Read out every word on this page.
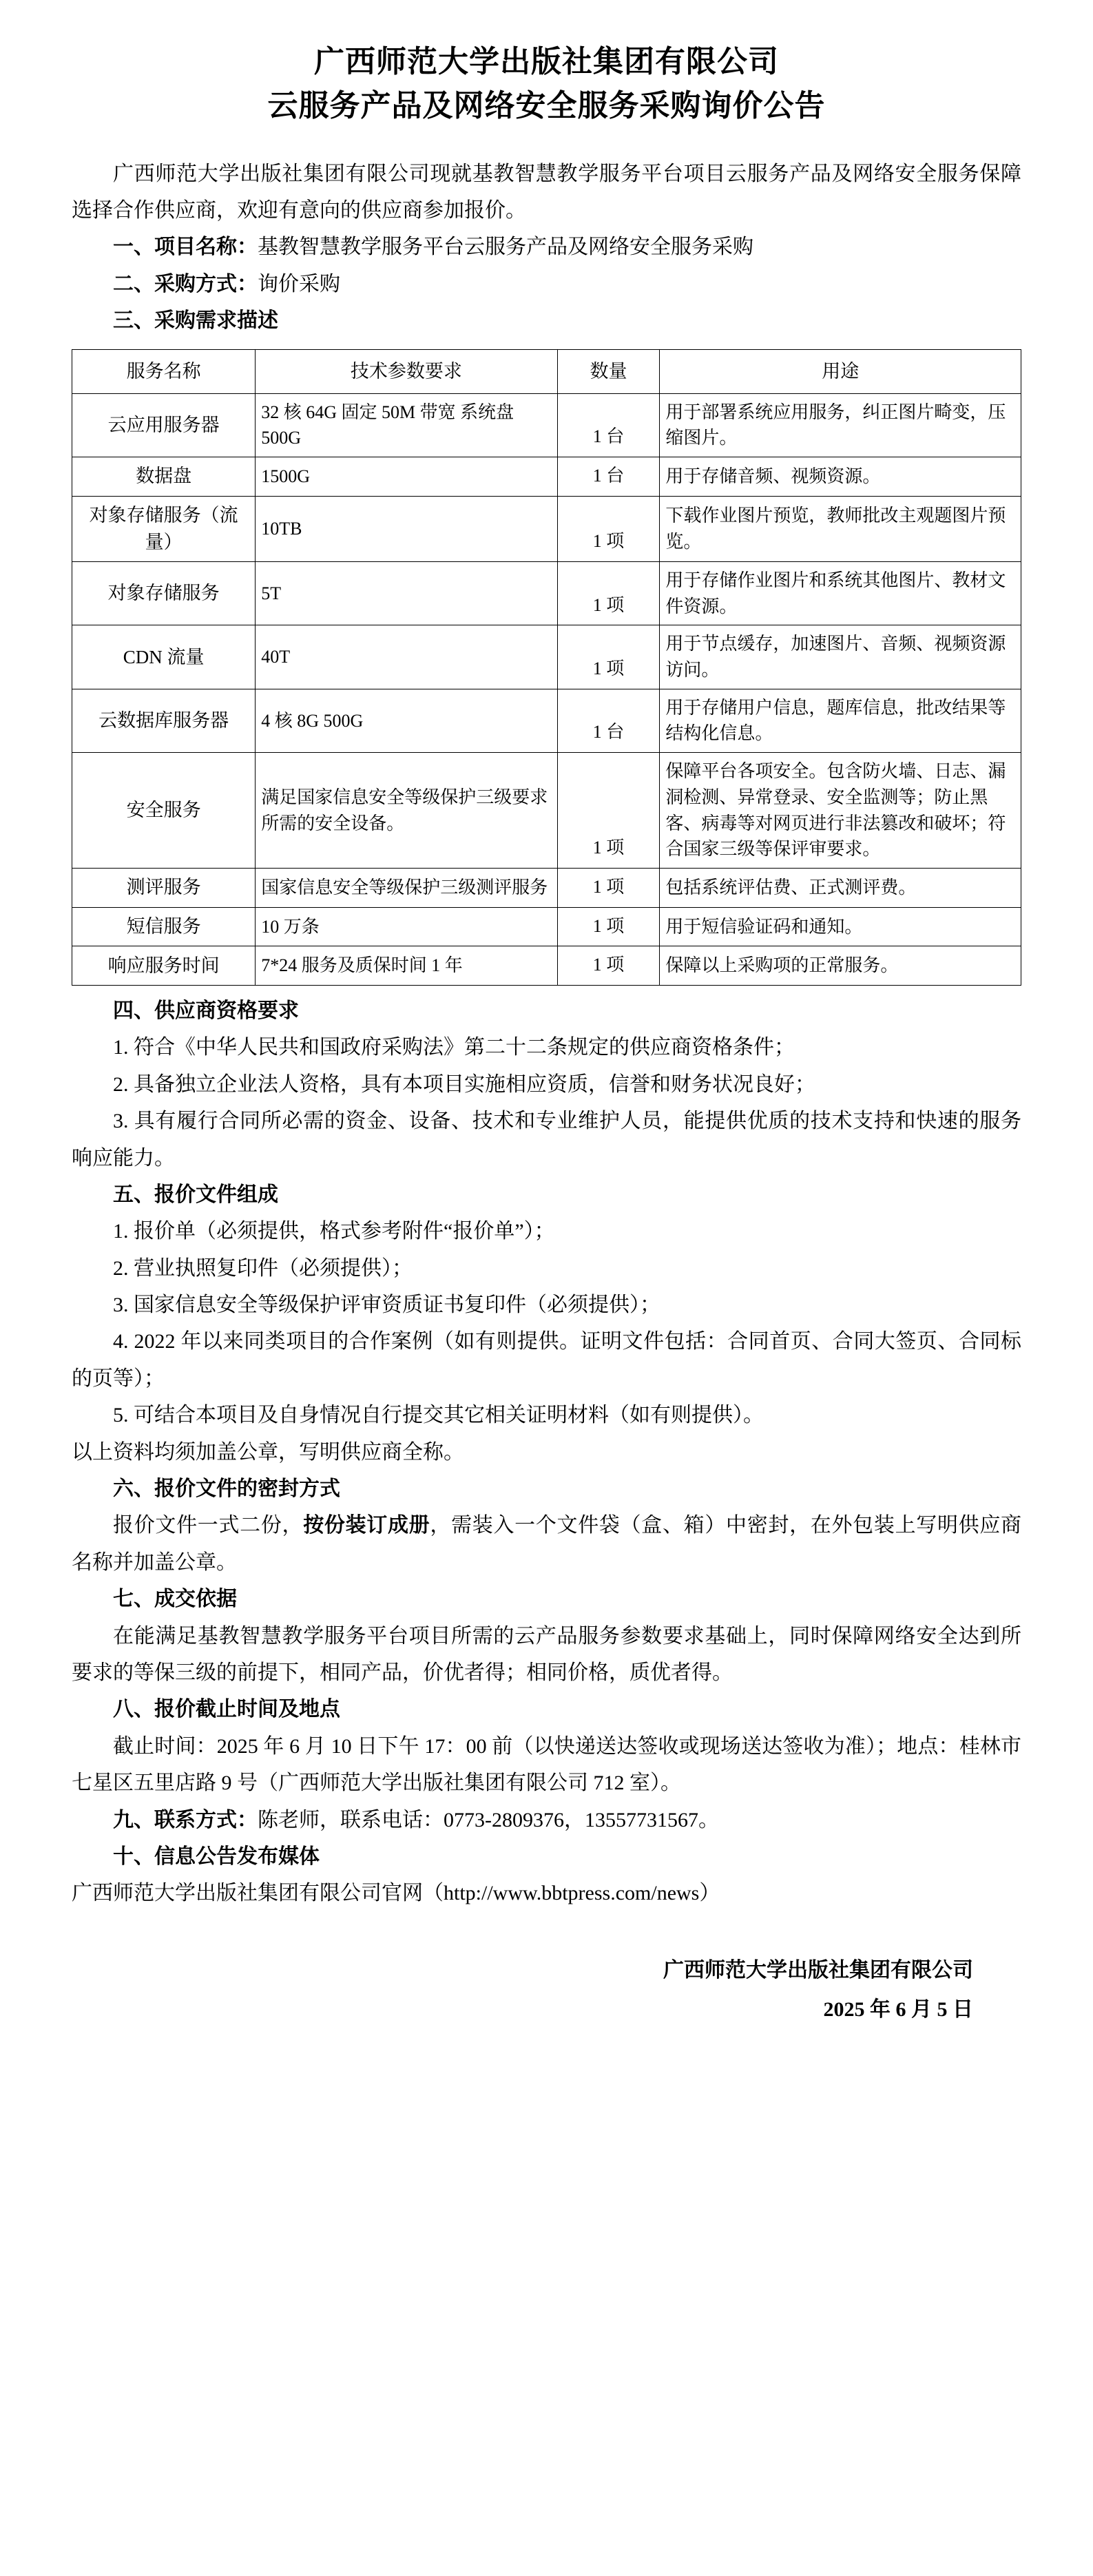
广西师范大学出版社集团有限公司
云服务产品及网络安全服务采购询价公告

广西师范大学出版社集团有限公司现就基教智慧教学服务平台项目云服务产品及网络安全服务保障选择合作供应商，欢迎有意向的供应商参加报价。

一、项目名称：基教智慧教学服务平台云服务产品及网络安全服务采购

二、采购方式：询价采购

三、采购需求描述

服务名称	技术参数要求	数量	用途
云应用服务器	32 核 64G 固定 50M 带宽 系统盘 500G	1 台	用于部署系统应用服务，纠正图片畸变，压缩图片。
数据盘	1500G	1 台	用于存储音频、视频资源。
对象存储服务（流量）	10TB	1 项	下载作业图片预览，教师批改主观题图片预览。
对象存储服务	5T	1 项	用于存储作业图片和系统其他图片、教材文件资源。
CDN 流量	40T	1 项	用于节点缓存，加速图片、音频、视频资源访问。
云数据库服务器	4 核 8G 500G	1 台	用于存储用户信息，题库信息，批改结果等结构化信息。
安全服务	满足国家信息安全等级保护三级要求所需的安全设备。	1 项	保障平台各项安全。包含防火墙、日志、漏洞检测、异常登录、安全监测等；防止黑客、病毒等对网页进行非法篡改和破坏；符合国家三级等保评审要求。
测评服务	国家信息安全等级保护三级测评服务	1 项	包括系统评估费、正式测评费。
短信服务	10 万条	1 项	用于短信验证码和通知。
响应服务时间	7*24 服务及质保时间 1 年	1 项	保障以上采购项的正常服务。

四、供应商资格要求

1. 符合《中华人民共和国政府采购法》第二十二条规定的供应商资格条件；

2. 具备独立企业法人资格，具有本项目实施相应资质，信誉和财务状况良好；

3. 具有履行合同所必需的资金、设备、技术和专业维护人员，能提供优质的技术支持和快速的服务响应能力。

五、报价文件组成

1. 报价单（必须提供，格式参考附件“报价单”）；

2. 营业执照复印件（必须提供）；

3. 国家信息安全等级保护评审资质证书复印件（必须提供）；

4. 2022 年以来同类项目的合作案例（如有则提供。证明文件包括：合同首页、合同大签页、合同标的页等）；

5. 可结合本项目及自身情况自行提交其它相关证明材料（如有则提供）。

以上资料均须加盖公章，写明供应商全称。

六、报价文件的密封方式

报价文件一式二份，按份装订成册，需装入一个文件袋（盒、箱）中密封，在外包装上写明供应商名称并加盖公章。

七、成交依据

在能满足基教智慧教学服务平台项目所需的云产品服务参数要求基础上，同时保障网络安全达到所要求的等保三级的前提下，相同产品，价优者得；相同价格，质优者得。

八、报价截止时间及地点

截止时间：2025 年 6 月 10 日下午 17：00 前（以快递送达签收或现场送达签收为准）；地点：桂林市七星区五里店路 9 号（广西师范大学出版社集团有限公司 712 室）。

九、联系方式：陈老师，联系电话：0773-2809376，13557731567。

十、信息公告发布媒体

广西师范大学出版社集团有限公司官网（http://www.bbtpress.com/news）

广西师范大学出版社集团有限公司
2025 年 6 月 5 日
